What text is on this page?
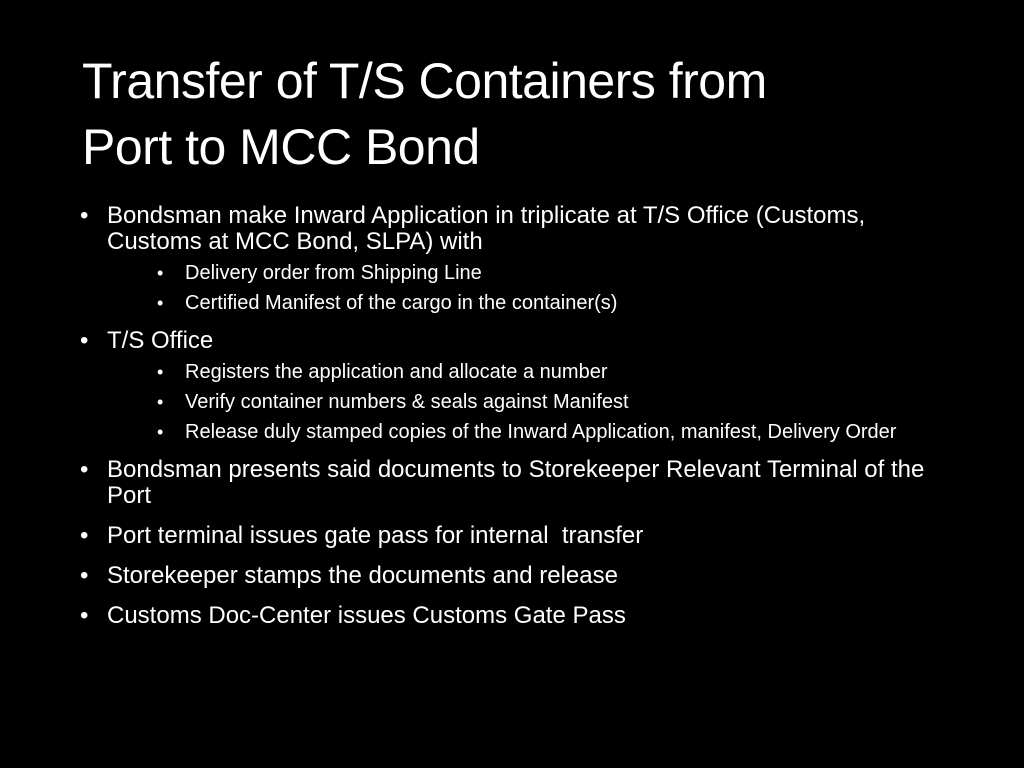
Transfer of T/S Containers from
Port to MCC Bond
• Bondsman make Inward Application in triplicate at T/S Office (Customs, Customs at MCC Bond, SLPA) with
• Delivery order from Shipping Line
• Certified Manifest of the cargo in the container(s)
• T/S Office
• Registers the application and allocate a number
• Verify container numbers & seals against Manifest
• Release duly stamped copies of the Inward Application, manifest, Delivery Order
• Bondsman presents said documents to Storekeeper Relevant Terminal of the Port
• Port terminal issues gate pass for internal  transfer
• Storekeeper stamps the documents and release
• Customs Doc-Center issues Customs Gate Pass
